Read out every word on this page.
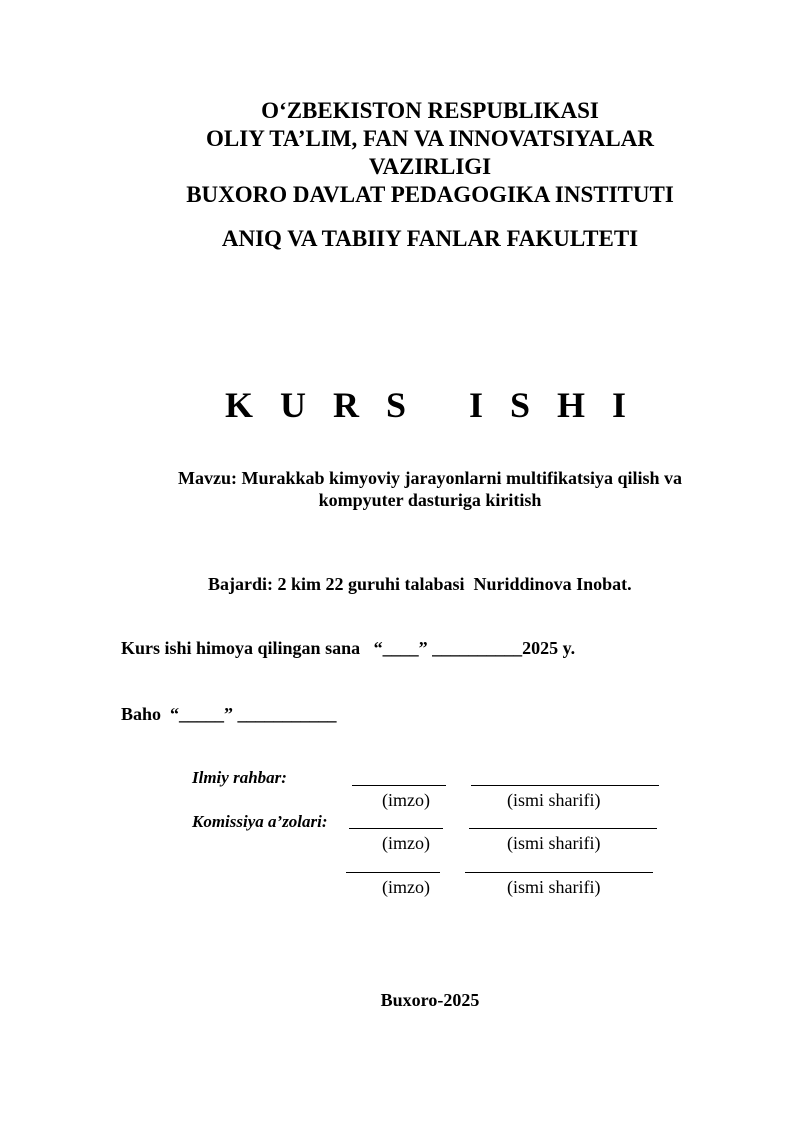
O‘ZBEKISTON RESPUBLIKASI
OLIY TA’LIM, FAN VA INNOVATSIYALAR
VAZIRLIGI
BUXORO DAVLAT PEDAGOGIKA INSTITUTI
ANIQ VA TABIIY FANLAR FAKULTETI
K U R S   I S H I
Mavzu: Murakkab kimyoviy jarayonlarni multifikatsiya qilish va
kompyuter dasturiga kiritish
Bajardi: 2 kim 22 guruhi talabasi  Nuriddinova Inobat.
Kurs ishi himoya qilingan sana   “____” __________2025 y.
Baho  “_____” ___________
Ilmiy rahbar:
(imzo)	(ismi sharifi)
Komissiya a’zolari:
(imzo)	(ismi sharifi)
(imzo)	(ismi sharifi)
Buxoro-2025
